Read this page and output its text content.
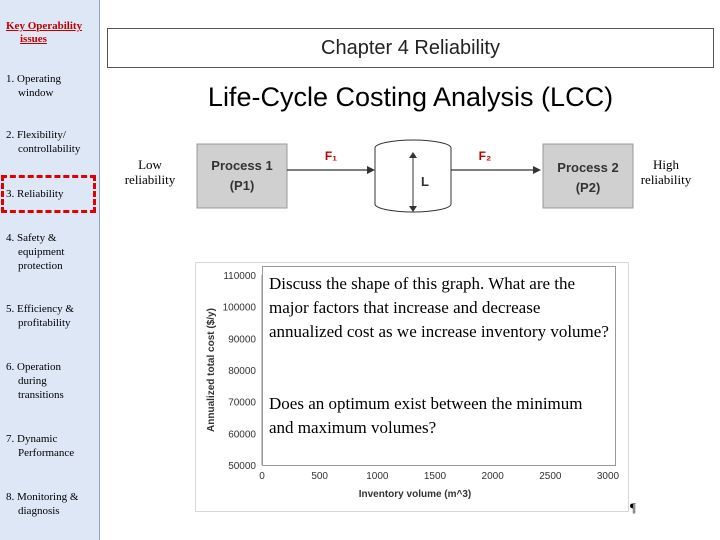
Key Operability
issues
1. Operating
window
2. Flexibility/
controllability
3. Reliability
4. Safety &
equipment
protection
5. Efficiency &
profitability
6. Operation
during
transitions
7. Dynamic
Performance
8. Monitoring &
diagnosis
Chapter 4 Reliability
Life-Cycle Costing Analysis (LCC)
Low
reliability
High
reliability
Process 1
(P1)
F₁
L
F₂
Process 2
(P2)
50000
60000
70000
80000
90000
100000
110000
0	500	1000	1500	2000	2500	3000
Inventory volume (m^3)
Annualized total cost ($/y)
Discuss the shape of this graph. What are the major factors that increase and decrease annualized cost as we increase inventory volume?
Does an optimum exist between the minimum and maximum volumes?
¶
